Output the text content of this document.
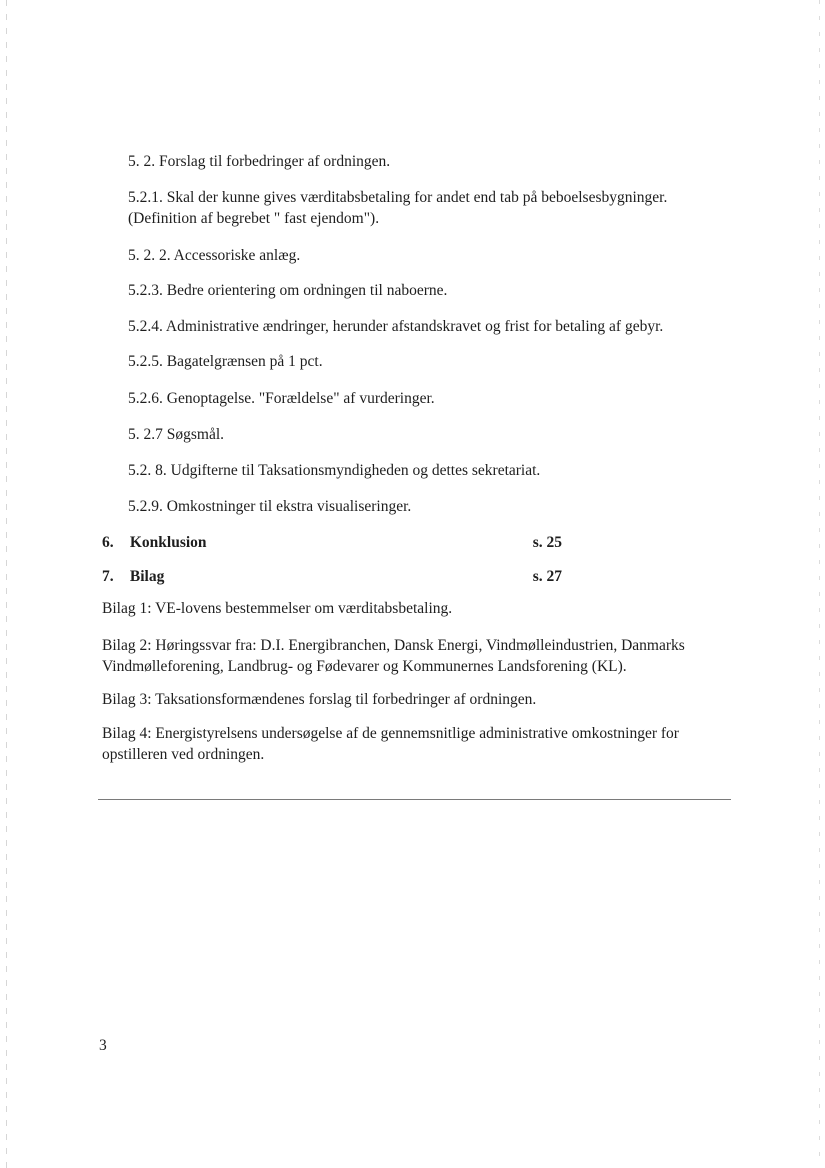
5. 2. Forslag til forbedringer af ordningen.
5.2.1. Skal der kunne gives værditabsbetaling for andet end tab på beboelsesbygninger.
(Definition af begrebet " fast ejendom").
5. 2. 2. Accessoriske anlæg.
5.2.3. Bedre orientering om ordningen til naboerne.
5.2.4. Administrative ændringer, herunder afstandskravet og frist for betaling af gebyr.
5.2.5. Bagatelgrænsen på 1 pct.
5.2.6. Genoptagelse. "Forældelse" af vurderinger.
5. 2.7 Søgsmål.
5.2. 8. Udgifterne til Taksationsmyndigheden og dettes sekretariat.
5.2.9. Omkostninger til ekstra visualiseringer.
6. Konklusion	s. 25
7. Bilag	s. 27
Bilag 1: VE-lovens bestemmelser om værditabsbetaling.
Bilag 2: Høringssvar fra: D.I. Energibranchen, Dansk Energi, Vindmølleindustrien, Danmarks
Vindmølleforening, Landbrug- og Fødevarer og Kommunernes Landsforening (KL).
Bilag 3: Taksationsformændenes forslag til forbedringer af ordningen.
Bilag 4: Energistyrelsens undersøgelse af de gennemsnitlige administrative omkostninger for
opstilleren ved ordningen.
3
